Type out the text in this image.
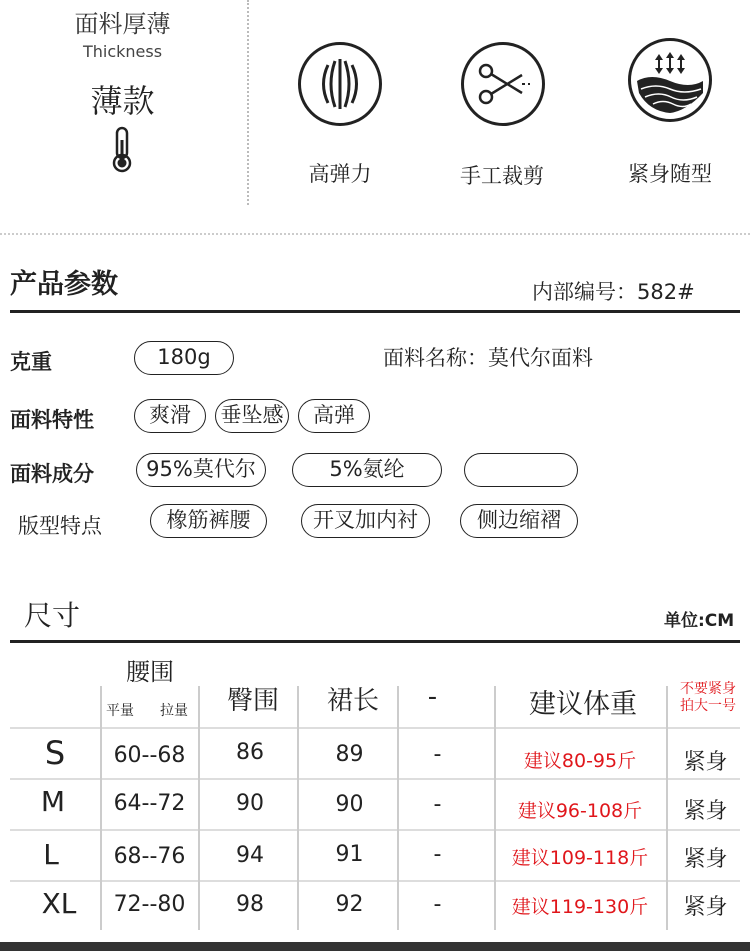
面料厚薄
Thickness
薄款
高弹力	手工裁剪	紧身随型
产品参数	内部编号：582#
克重	180g	面料名称：莫代尔面料
面料特性	爽滑	垂坠感	高弹
面料成分	95%莫代尔	5%氨纶
版型特点	橡筋裤腰	开叉加内衬	侧边缩褶
尺寸	单位:CM
腰围
平量 拉量	臀围	裙长	-	建议体重	不要紧身
拍大一号
S	60--68	86	89	-	建议80-95斤	紧身
M	64--72	90	90	-	建议96-108斤	紧身
L	68--76	94	91	-	建议109-118斤	紧身
XL	72--80	98	92	-	建议119-130斤	紧身
